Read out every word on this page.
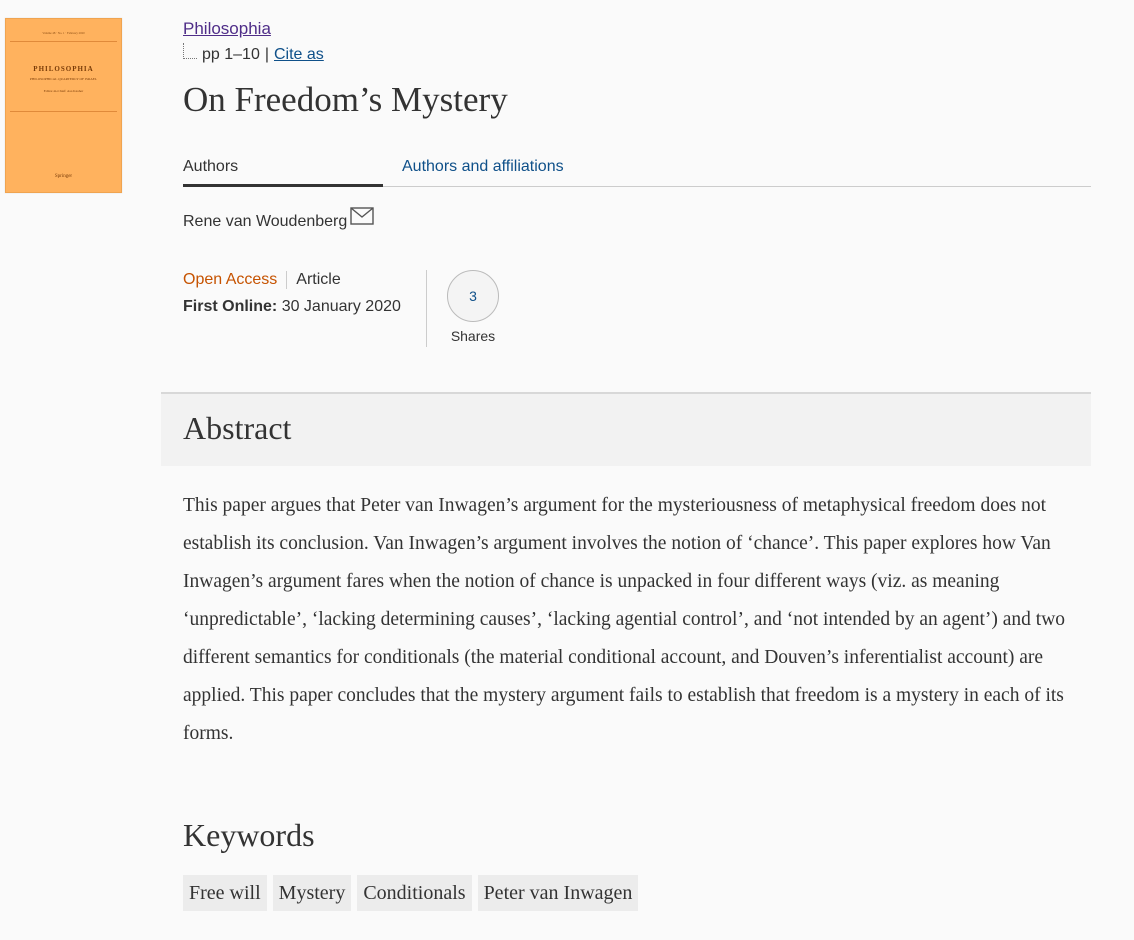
Volume 48 · No. 1 · February 2020
PHILOSOPHIA
PHILOSOPHICAL QUARTERLY OF ISRAEL
Editor-in-Chief: Asa Kasher
Springer
Philosophia
pp 1–10 | Cite as
On Freedom’s Mystery
Authors	Authors and affiliations
Rene van Woudenberg
Open Access	Article
First Online: 30 January 2020
3
Shares
Abstract

This paper argues that Peter van Inwagen’s argument for the mysteriousness of metaphysical freedom does not establish its conclusion. Van Inwagen’s argument involves the notion of ‘chance’. This paper explores how Van Inwagen’s argument fares when the notion of chance is unpacked in four different ways (viz. as meaning ‘unpredictable’, ‘lacking determining causes’, ‘lacking agential control’, and ‘not intended by an agent’) and two different semantics for conditionals (the material conditional account, and Douven’s inferentialist account) are applied. This paper concludes that the mystery argument fails to establish that freedom is a mystery in each of its forms.

Keywords
Free will Mystery Conditionals Peter van Inwagen
